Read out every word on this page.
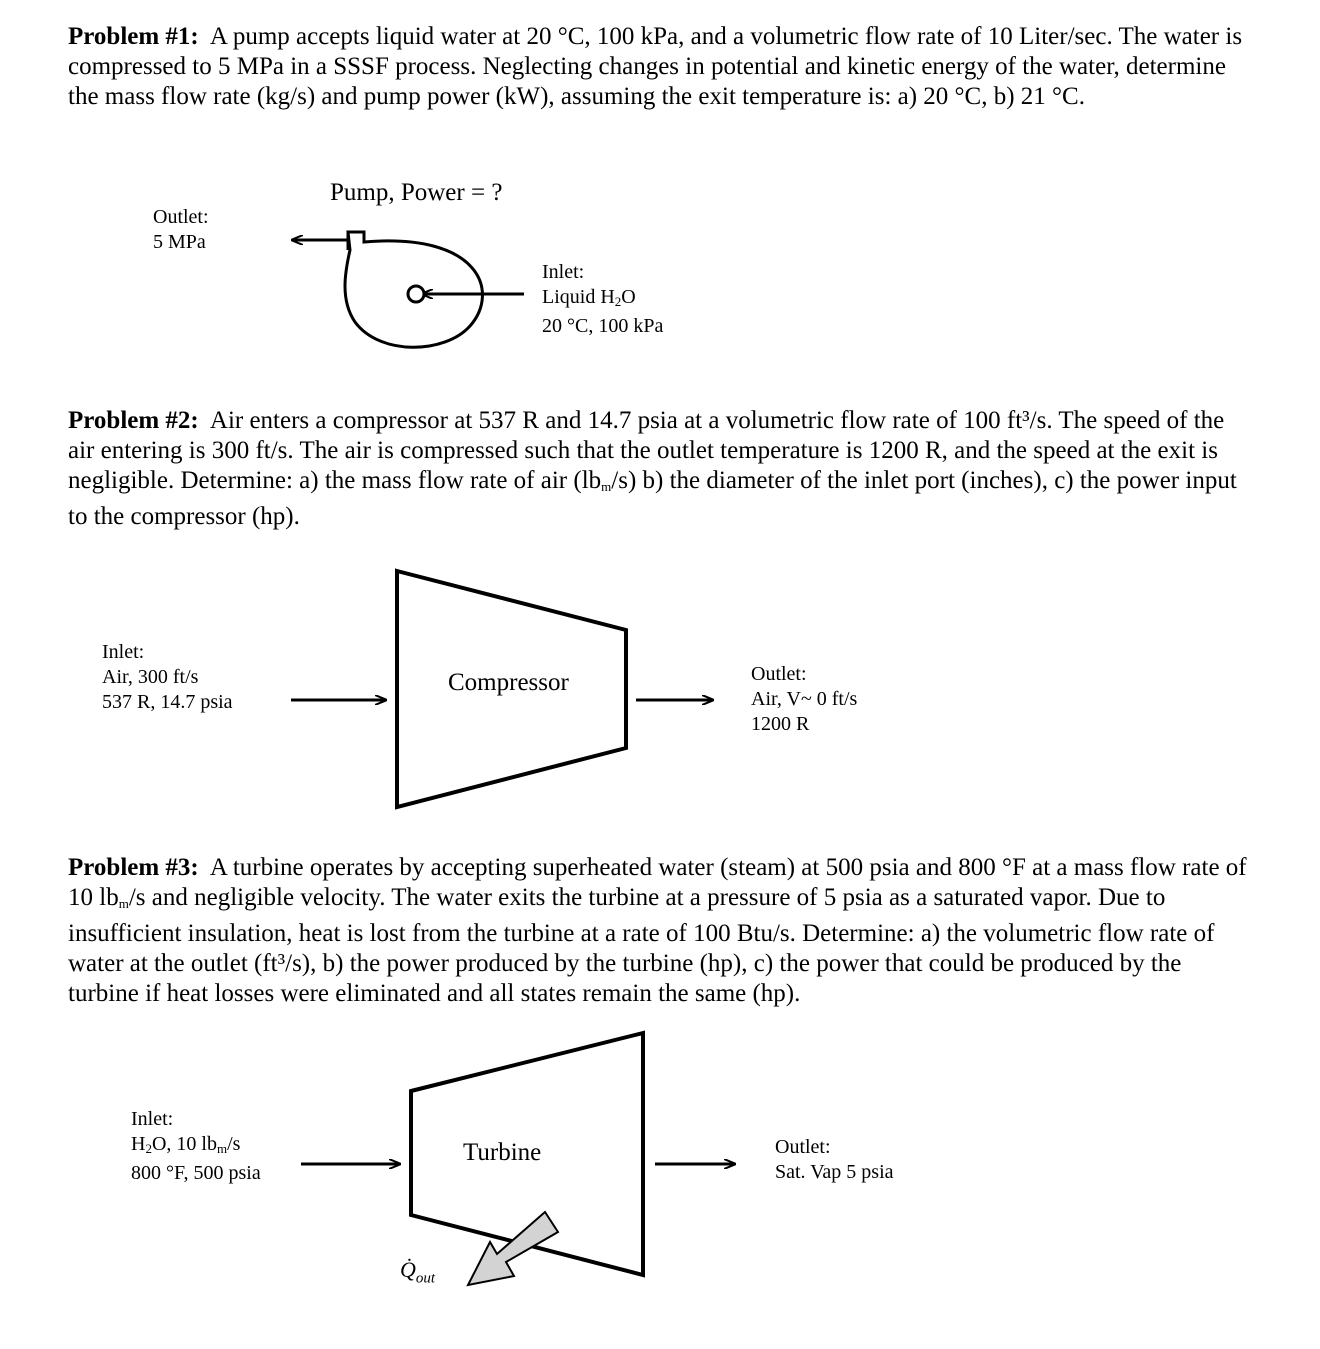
Problem #1: A pump accepts liquid water at 20 °C, 100 kPa, and a volumetric flow rate of 10 Liter/sec. The water is compressed to 5 MPa in a SSSF process. Neglecting changes in potential and kinetic energy of the water, determine the mass flow rate (kg/s) and pump power (kW), assuming the exit temperature is: a) 20 °C, b) 21 °C.
Pump, Power = ?
Outlet:
5 MPa
Inlet:
Liquid $H_2O$
20 °C, 100 kPa
Problem #2: Air enters a compressor at 537 R and 14.7 psia at a volumetric flow rate of 100 ft³/s. The speed of the air entering is 300 ft/s. The air is compressed such that the outlet temperature is 1200 R, and the speed at the exit is negligible. Determine: a) the mass flow rate of air $(lb_m/s)$ b) the diameter of the inlet port (inches), c) the power input to the compressor (hp).
Inlet:
Air, 300 ft/s
537 R, 14.7 psia
Compressor	Outlet:
Air, V~ 0 ft/s
1200 R
Problem #3: A turbine operates by accepting superheated water (steam) at 500 psia and 800 °F at a mass flow rate of 10 $lb_m/s$ and negligible velocity. The water exits the turbine at a pressure of 5 psia as a saturated vapor. Due to insufficient insulation, heat is lost from the turbine at a rate of 100 Btu/s. Determine: a) the volumetric flow rate of water at the outlet (ft³/s), b) the power produced by the turbine (hp), c) the power that could be produced by the turbine if heat losses were eliminated and all states remain the same (hp).
Inlet:
$H_2O$, 10 $lb_m/s$
800 °F, 500 psia
Turbine	Outlet:
Sat. Vap 5 psia
$Q̇_{out}$
